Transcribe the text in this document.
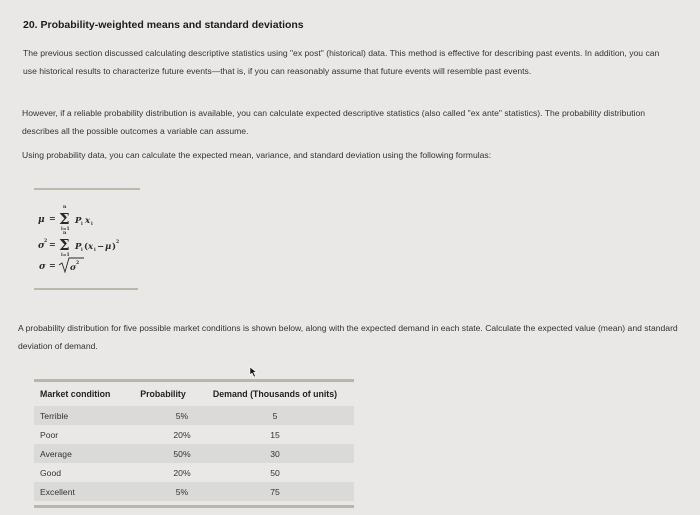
20. Probability-weighted means and standard deviations
The previous section discussed calculating descriptive statistics using "ex post" (historical) data. This method is effective for describing past events. In addition, you can use historical results to characterize future events—that is, if you can reasonably assume that future events will resemble past events.
However, if a reliable probability distribution is available, you can calculate expected descriptive statistics (also called "ex ante" statistics). The probability distribution describes all the possible outcomes a variable can assume.
Using probability data, you can calculate the expected mean, variance, and standard deviation using the following formulas:
μ = Σ
n
i=1
P i x i
σ 2 = Σ
n
i=1
P i ( x i − μ ) 2
σ = σ 2
A probability distribution for five possible market conditions is shown below, along with the expected demand in each state. Calculate the expected value (mean) and standard deviation of demand.
Market condition	Probability	Demand (Thousands of units)
Terrible	5%	5
Poor	20%	15
Average	50%	30
Good	20%	50
Excellent	5%	75
